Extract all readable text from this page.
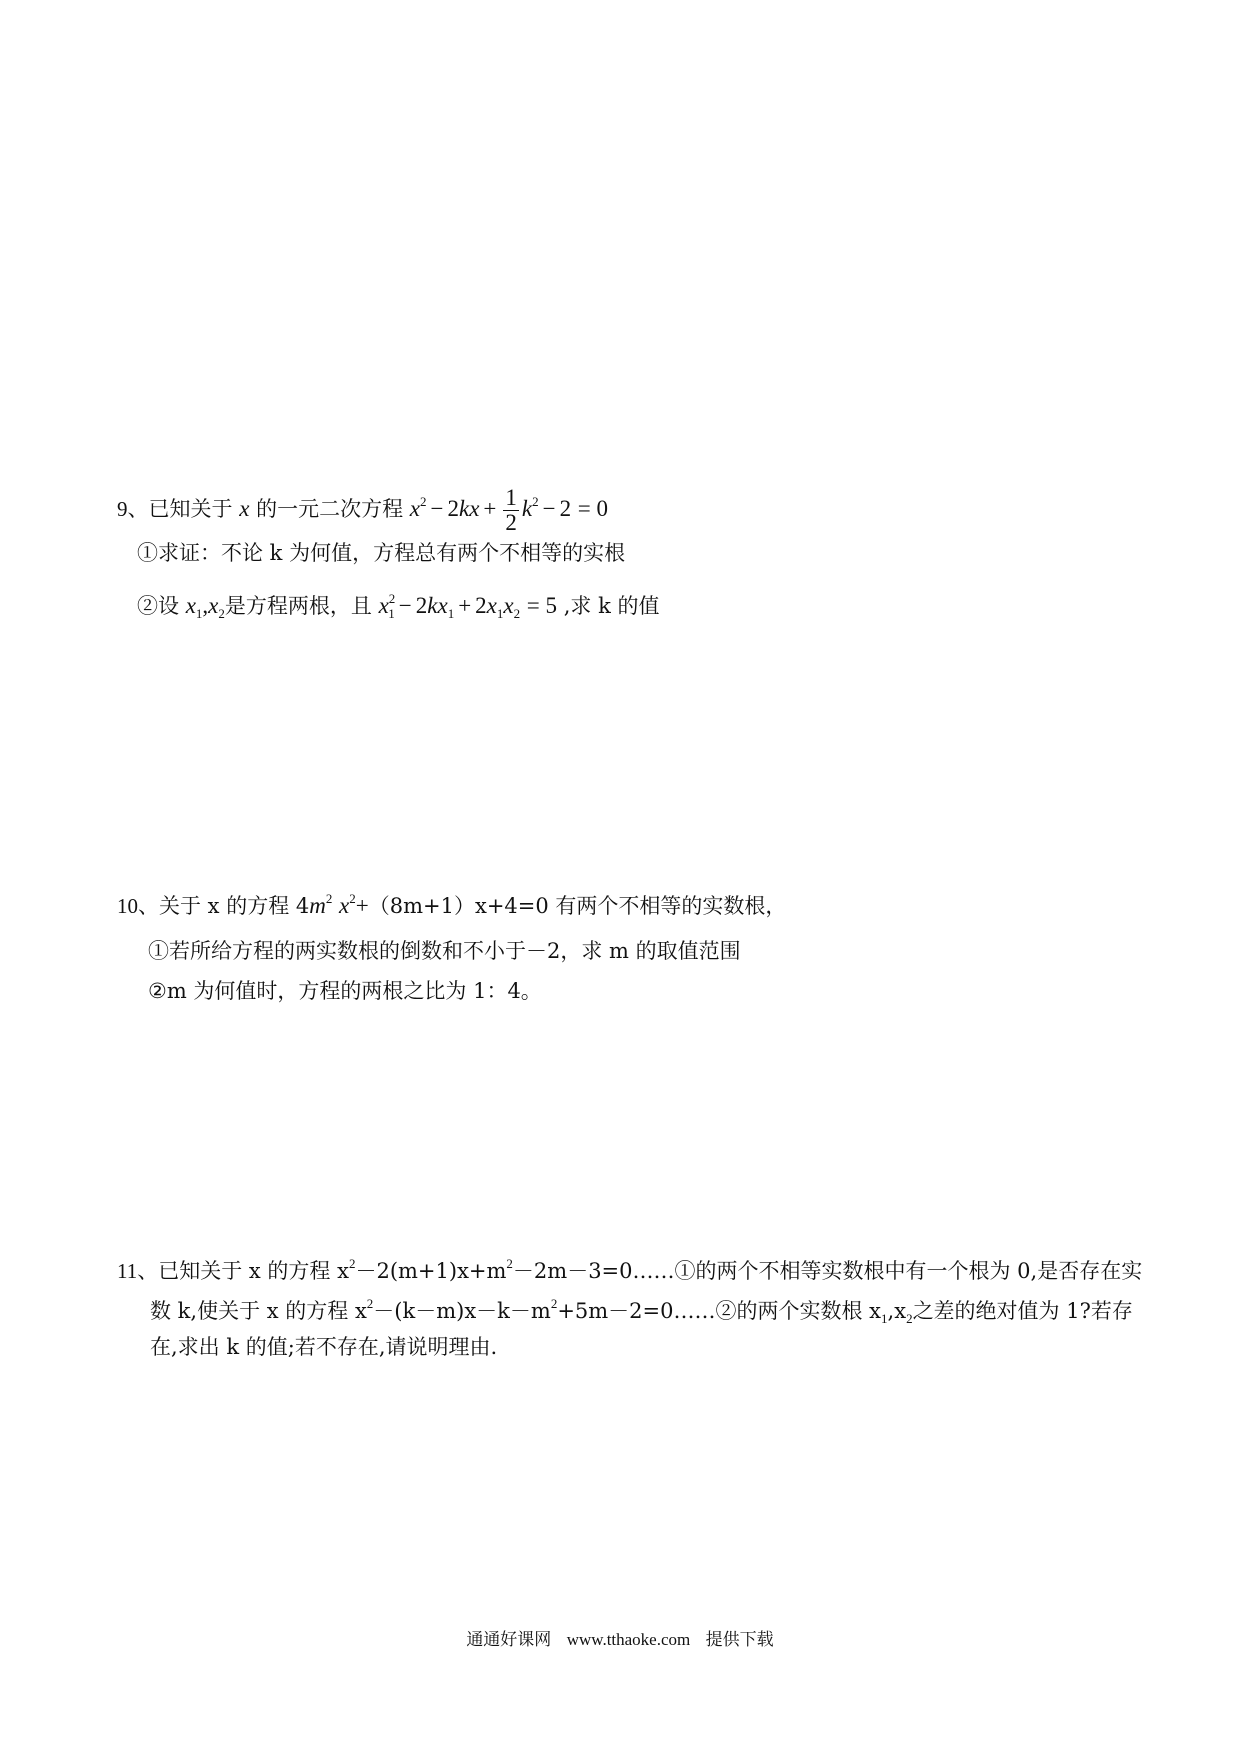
9、已知关于 x 的一元二次方程 $x^2 - 2kx + \frac{1}{2} k^2 - 2 = 0$
①求证：不论 k 为何值，方程总有两个不相等的实根
②设 $x_1,x_2$是方程两根，且 $x^2_1 - 2kx_1 + 2x_1x_2 = 5$ ,求 k 的值
10、关于 x 的方程 $4m^2$ $x^2+(8m+1)x+4=0$ 有两个不相等的实数根，
①若所给方程的两实数根的倒数和不小于－2，求 m 的取值范围
②m 为何值时，方程的两根之比为 1：4。
11、已知关于 x 的方程 $x^2-2(m+1)x+m^2-2m-3=0\dots\dots ①$的两个不相等实数根中有一个根为 0,是否存在实
数 k,使关于 x 的方程 $x^2-(k-m)x-k-m^2+5m-2=0\dots\dots ②$的两个实数根 $x_1,x_2$之差的绝对值为 1?若存
在,求出 k 的值;若不存在,请说明理由.
通通好课网 www.tthaoke.com 提供下载
